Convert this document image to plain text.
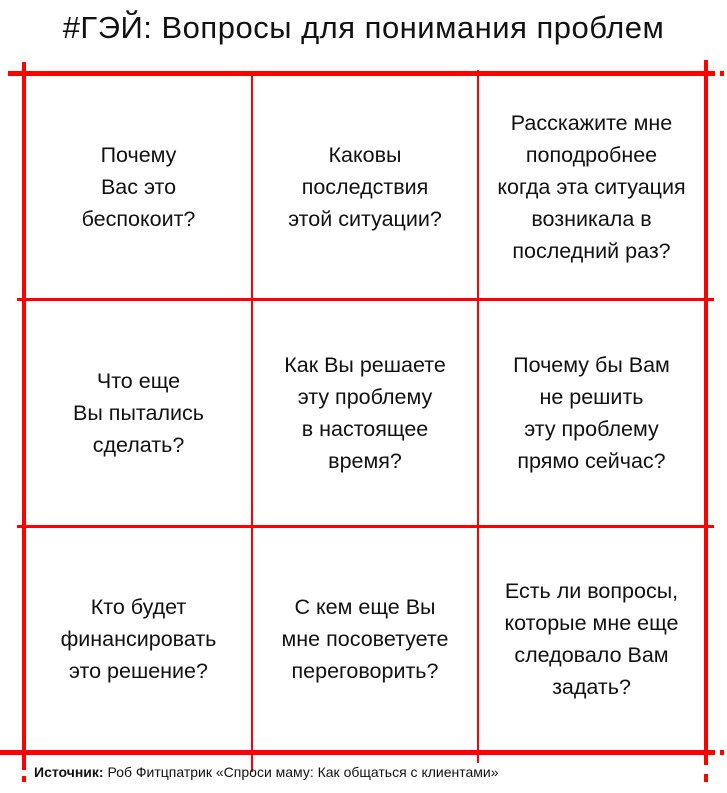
#ГЭЙ: Вопросы для понимания проблем
Почему
Вас это
беспокоит?
Каковы
последствия
этой ситуации?
Расскажите мне
поподробнее
когда эта ситуация
возникала в
последний раз?
Что еще
Вы пытались
сделать?
Как Вы решаете
эту проблему
в настоящее
время?
Почему бы Вам
не решить
эту проблему
прямо сейчас?
Кто будет
финансировать
это решение?
С кем еще Вы
мне посоветуете
переговорить?
Есть ли вопросы,
которые мне еще
следовало Вам
задать?
Источник: Роб Фитцпатрик «Спроси маму: Как общаться с клиентами»
